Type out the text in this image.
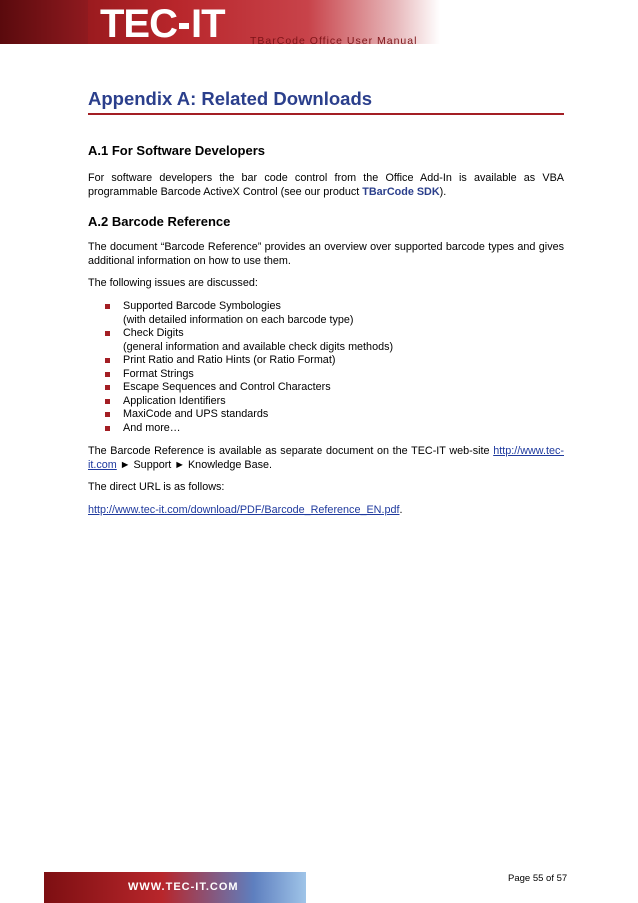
TEC IT TBarCode Office User Manual
Appendix A: Related Downloads
A.1 For Software Developers

For software developers the bar code control from the Office Add-In is available as VBA programmable Barcode ActiveX Control (see our product TBarCode SDK).

A.2 Barcode Reference

The document “Barcode Reference” provides an overview over supported barcode types and gives additional information on how to use them.

The following issues are discussed:

Supported Barcode Symbologies
(with detailed information on each barcode type)
Check Digits
(general information and available check digits methods)
Print Ratio and Ratio Hints (or Ratio Format)
Format Strings
Escape Sequences and Control Characters
Application Identifiers
MaxiCode and UPS standards
And more…

The Barcode Reference is available as separate document on the TEC-IT web-site http://www.tec-it.com ► Support ► Knowledge Base.

The direct URL is as follows:

http://www.tec-it.com/download/PDF/Barcode_Reference_EN.pdf.

WWW.TEC-IT.COM
Page 55 of 57
